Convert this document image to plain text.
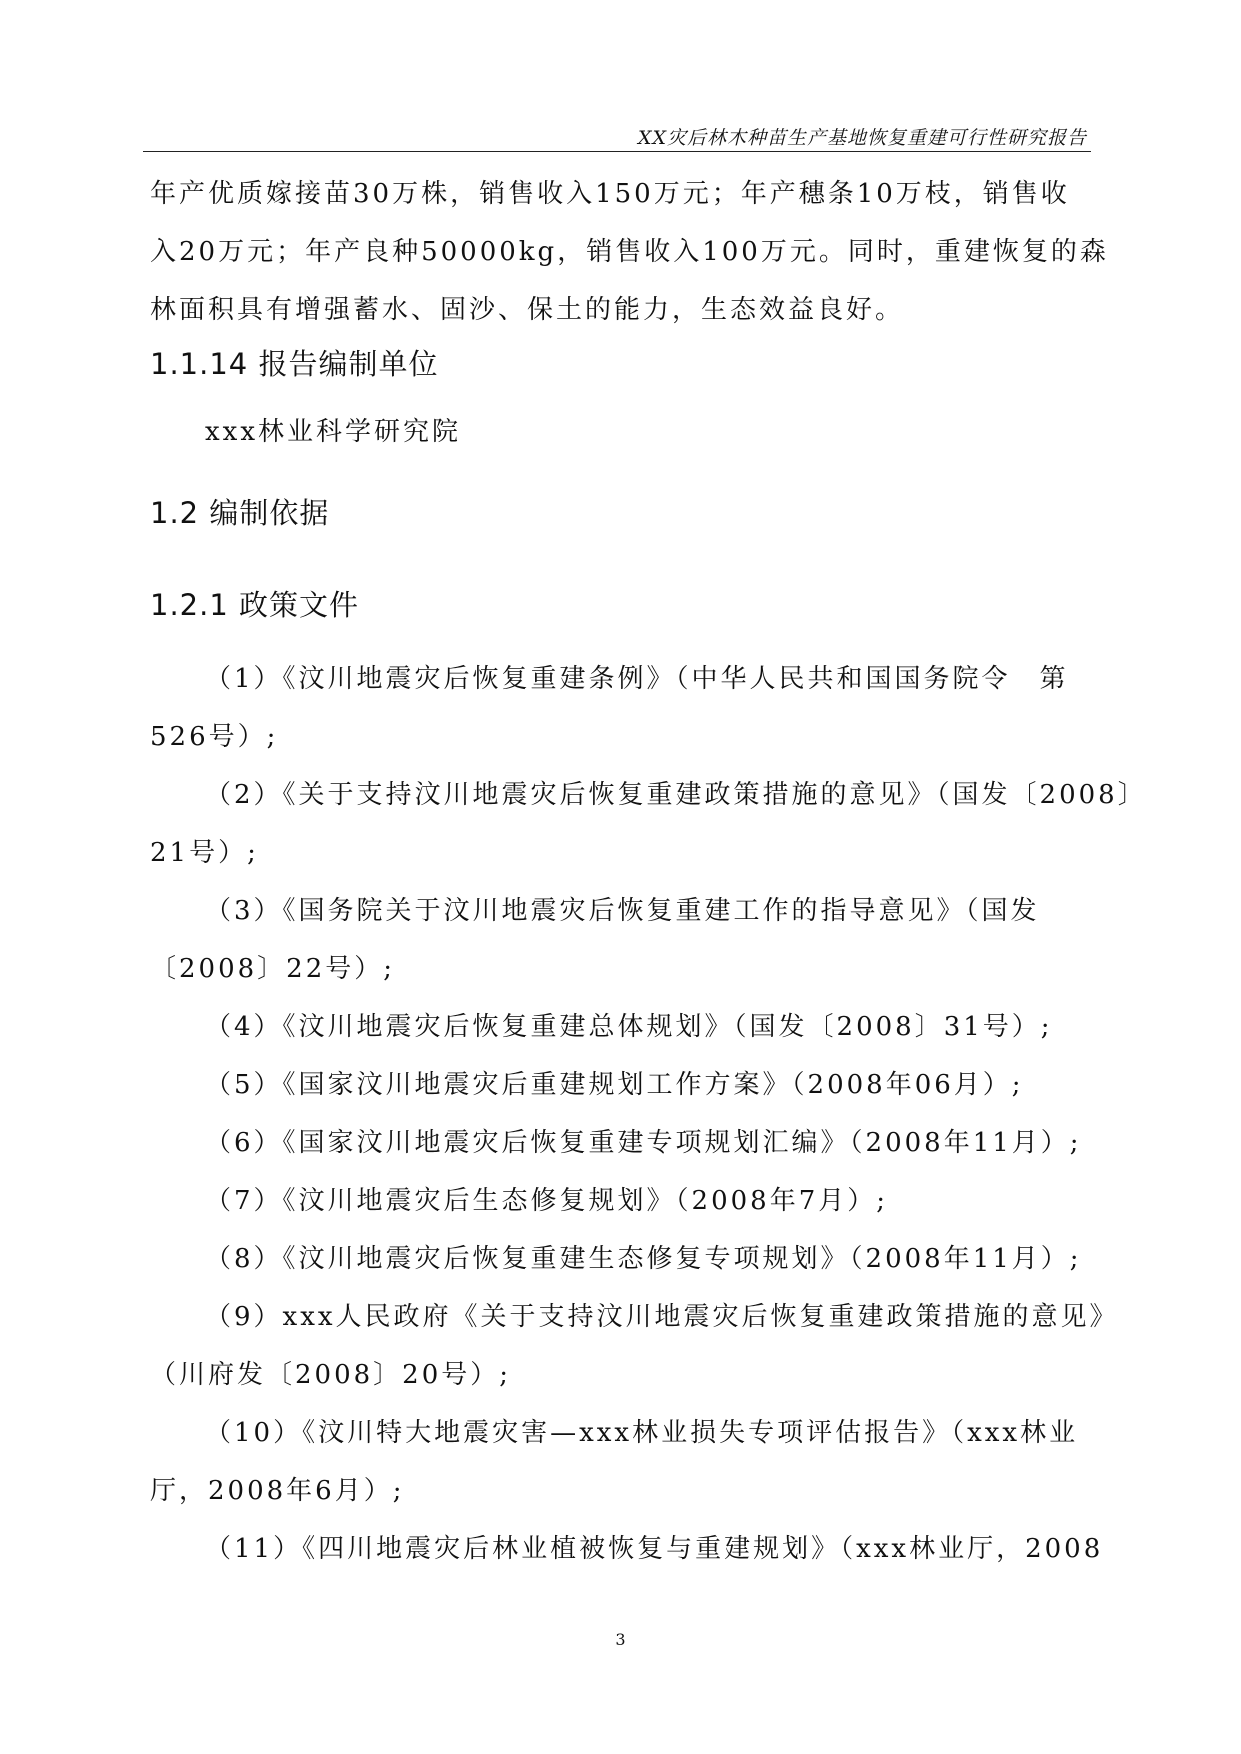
XX灾后林木种苗生产基地恢复重建可行性研究报告
年产优质嫁接苗30万株，销售收入150万元；年产穗条10万枝，销售收
入20万元；年产良种50000kg，销售收入100万元。同时，重建恢复的森
林面积具有增强蓄水、固沙、保土的能力，生态效益良好。
1.1.14 报告编制单位
xxx林业科学研究院
1.2 编制依据
1.2.1 政策文件
（1）《汶川地震灾后恢复重建条例》（中华人民共和国国务院令　第
526号）;
（2）《关于支持汶川地震灾后恢复重建政策措施的意见》（国发〔2008〕
21号）;
（3）《国务院关于汶川地震灾后恢复重建工作的指导意见》（国发
〔2008〕22号）;
（4）《汶川地震灾后恢复重建总体规划》（国发〔2008〕31号）;
（5）《国家汶川地震灾后重建规划工作方案》（2008年06月）;
（6）《国家汶川地震灾后恢复重建专项规划汇编》（2008年11月）;
（7）《汶川地震灾后生态修复规划》（2008年7月）;
（8）《汶川地震灾后恢复重建生态修复专项规划》（2008年11月）;
（9）xxx人民政府《关于支持汶川地震灾后恢复重建政策措施的意见》
（川府发〔2008〕20号）;
（10）《汶川特大地震灾害—xxx林业损失专项评估报告》（xxx林业
厅，2008年6月）;
（11）《四川地震灾后林业植被恢复与重建规划》（xxx林业厅，2008
3
